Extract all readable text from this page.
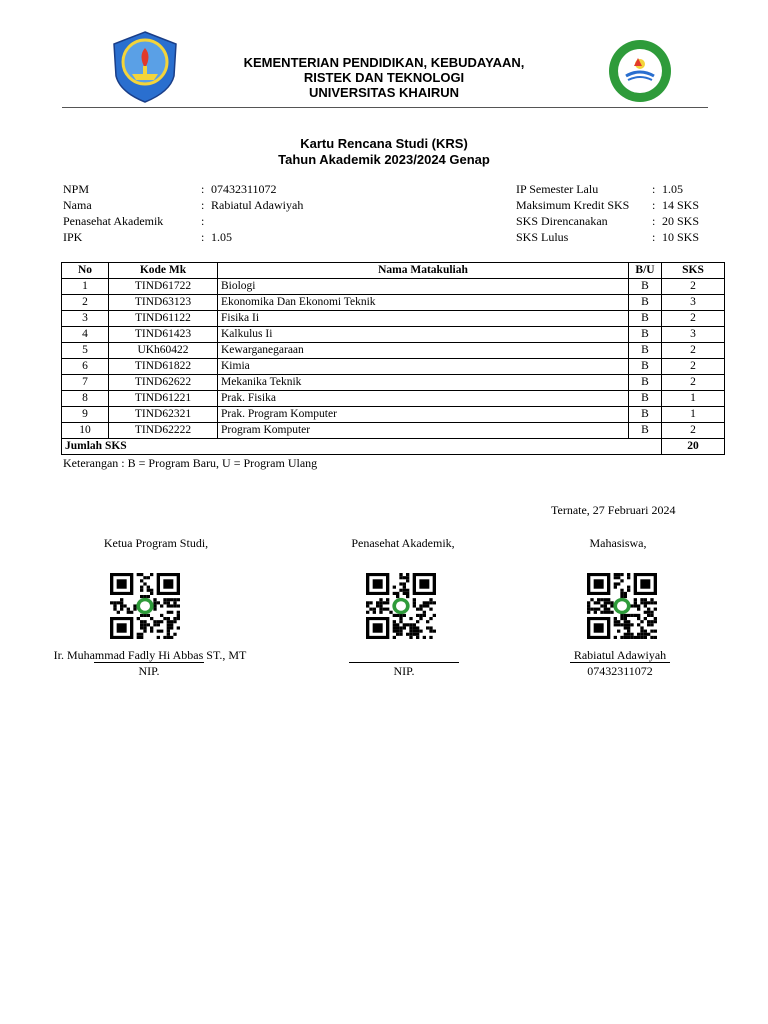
KEMENTERIAN PENDIDIKAN, KEBUDAYAAN,
RISTEK DAN TEKNOLOGI
UNIVERSITAS KHAIRUN
Kartu Rencana Studi (KRS)
Tahun Akademik 2023/2024 Genap
NPM	: 07432311072
Nama	: Rabiatul Adawiyah
Penasehat Akademik	:
IPK	: 1.05
IP Semester Lalu	: 1.05
Maksimum Kredit SKS : 14 SKS
SKS Direncanakan	: 20 SKS
SKS Lulus	: 10 SKS
No	Kode Mk	Nama Matakuliah	B/U	SKS
1	TIND61722	Biologi	B	2
2	TIND63123	Ekonomika Dan Ekonomi Teknik	B	3
3	TIND61122	Fisika Ii	B	2
4	TIND61423	Kalkulus Ii	B	3
5	UKh60422	Kewarganegaraan	B	2
6	TIND61822	Kimia	B	2
7	TIND62622	Mekanika Teknik	B	2
8	TIND61221	Prak. Fisika	B	1
9	TIND62321	Prak. Program Komputer	B	1
10	TIND62222	Program Komputer	B	2
Jumlah SKS				20
Keterangan : B = Program Baru, U = Program Ulang
Ternate, 27 Februari 2024
Ketua Program Studi,	Penasehat Akademik,	Mahasiswa,
Ir. Muhammad Fadly Hi Abbas ST., MT
NIP.	NIP.
Rabiatul Adawiyah
07432311072
